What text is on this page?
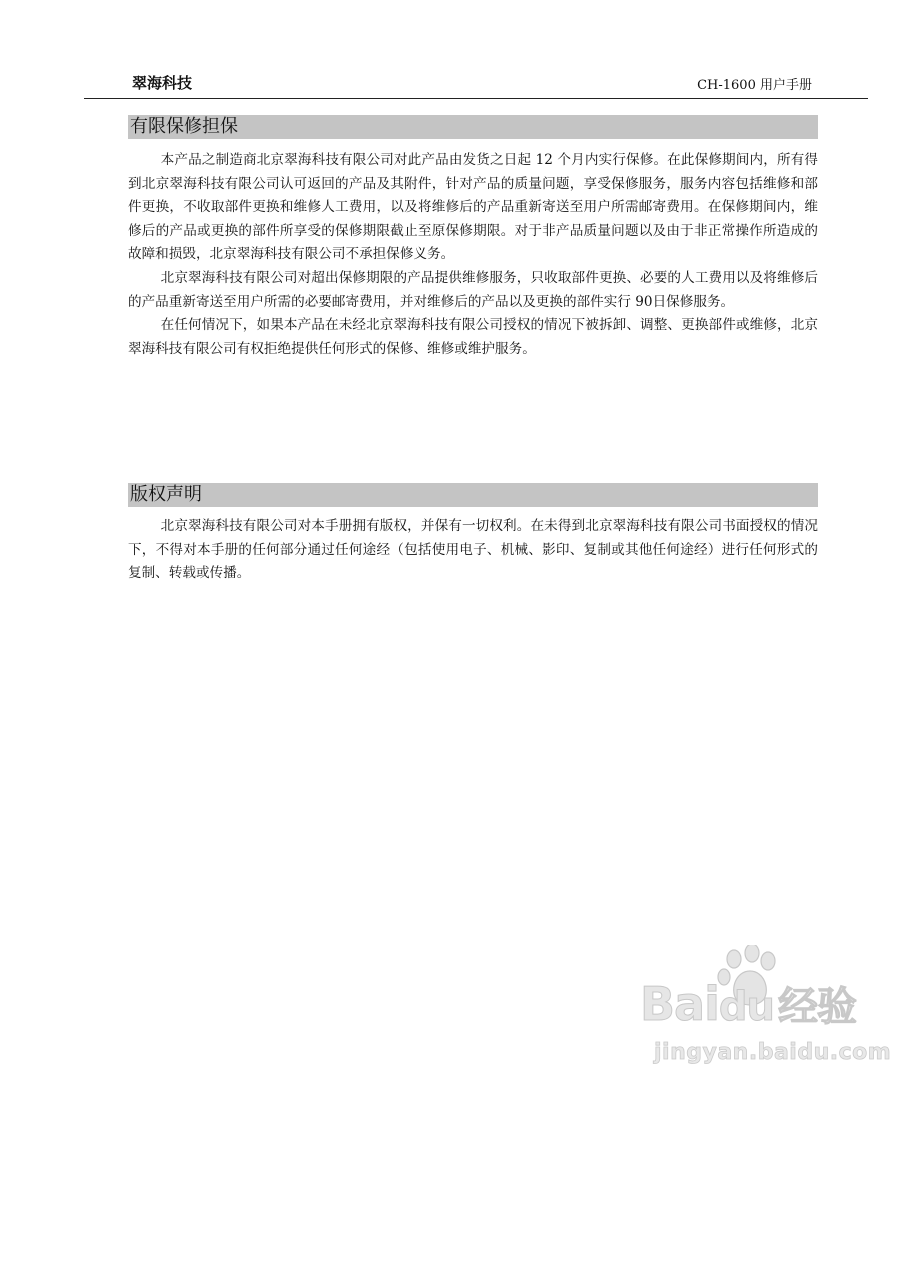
翠海科技	CH-1600 用户手册
有限保修担保

本产品之制造商北京翠海科技有限公司对此产品由发货之日起 12 个月内实行保修。在此保修期间内，所有得到北京翠海科技有限公司认可返回的产品及其附件，针对产品的质量问题，享受保修服务，服务内容包括维修和部件更换，不收取部件更换和维修人工费用，以及将维修后的产品重新寄送至用户所需邮寄费用。在保修期间内，维修后的产品或更换的部件所享受的保修期限截止至原保修期限。对于非产品质量问题以及由于非正常操作所造成的故障和损毁，北京翠海科技有限公司不承担保修义务。

北京翠海科技有限公司对超出保修期限的产品提供维修服务，只收取部件更换、必要的人工费用以及将维修后的产品重新寄送至用户所需的必要邮寄费用，并对维修后的产品以及更换的部件实行 90日保修服务。

在任何情况下，如果本产品在未经北京翠海科技有限公司授权的情况下被拆卸、调整、更换部件或维修，北京翠海科技有限公司有权拒绝提供任何形式的保修、维修或维护服务。

版权声明

北京翠海科技有限公司对本手册拥有版权，并保有一切权利。在未得到北京翠海科技有限公司书面授权的情况下，不得对本手册的任何部分通过任何途经（包括使用电子、机械、影印、复制或其他任何途经）进行任何形式的复制、转载或传播。

Baidu 经验
jingyan.baidu.com
